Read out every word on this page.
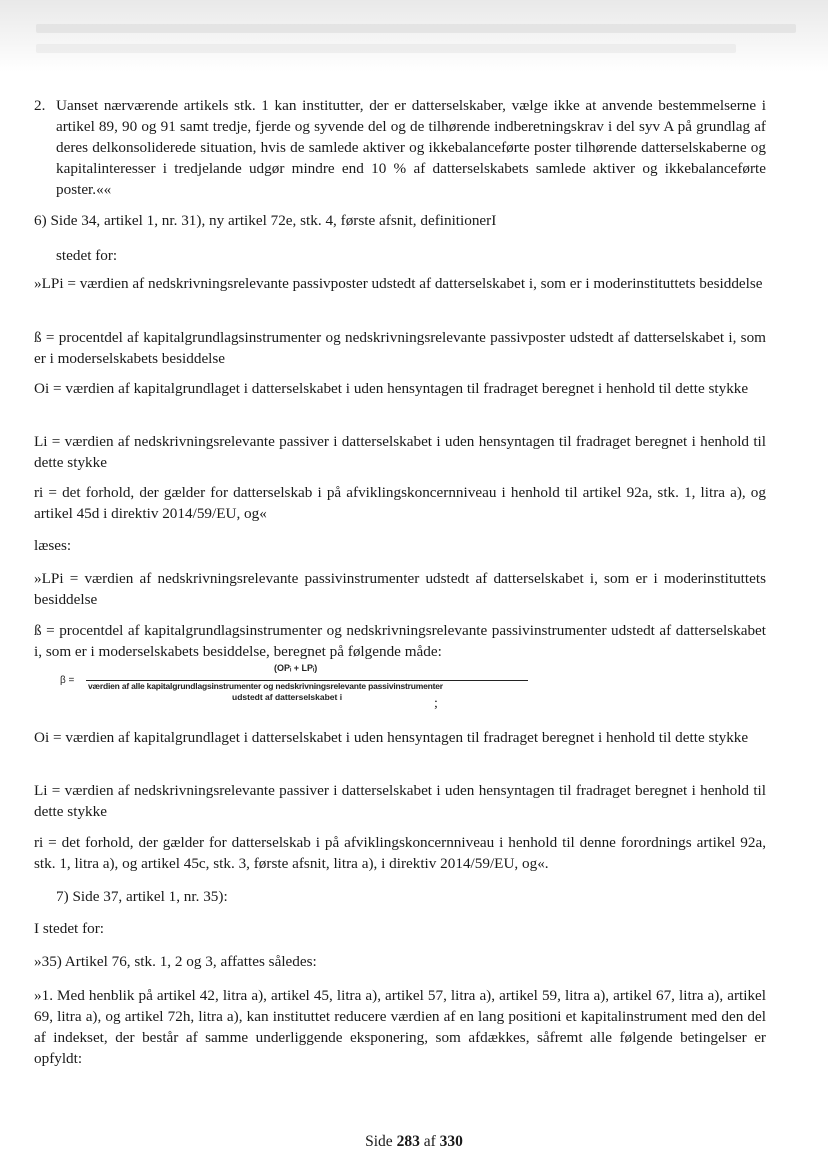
2. Uanset nærværende artikels stk. 1 kan institutter, der er datterselskaber, vælge ikke at anvende bestemmelserne i artikel 89, 90 og 91 samt tredje, fjerde og syvende del og de tilhørende indberetningskrav i del syv A på grundlag af deres delkonsoliderede situation, hvis de samlede aktiver og ikkebalanceførte poster tilhørende datterselskaberne og kapitalinteresser i tredjelande udgør mindre end 10 % af datterselskabets samlede aktiver og ikkebalanceførte poster.««

6) Side 34, artikel 1, nr. 31), ny artikel 72e, stk. 4, første afsnit, definitionerI

stedet for:

»LPi = værdien af nedskrivningsrelevante passivposter udstedt af datterselskabet i, som er i moderinstituttets besiddelse

ß = procentdel af kapitalgrundlagsinstrumenter og nedskrivningsrelevante passivposter udstedt af datterselskabet i, som er i moderselskabets besiddelse

Oi = værdien af kapitalgrundlaget i datterselskabet i uden hensyntagen til fradraget beregnet i henhold til dette stykke

Li = værdien af nedskrivningsrelevante passiver i datterselskabet i uden hensyntagen til fradraget beregnet i henhold til dette stykke

ri = det forhold, der gælder for datterselskab i på afviklingskoncernniveau i henhold til artikel 92a, stk. 1, litra a), og artikel 45d i direktiv 2014/59/EU, og«

læses:

»LPi = værdien af nedskrivningsrelevante passivinstrumenter udstedt af datterselskabet i, som er i moderinstituttets besiddelse

ß = procentdel af kapitalgrundlagsinstrumenter og nedskrivningsrelevante passivinstrumenter udstedt af datterselskabet i, som er i moderselskabets besiddelse, beregnet på følgende måde:

β =
(OPᵢ + LPᵢ)
værdien af alle kapitalgrundlagsinstrumenter og nedskrivningsrelevante passivinstrumenter
udstedt af datterselskabet i	;

Oi = værdien af kapitalgrundlaget i datterselskabet i uden hensyntagen til fradraget beregnet i henhold til dette stykke

Li = værdien af nedskrivningsrelevante passiver i datterselskabet i uden hensyntagen til fradraget beregnet i henhold til dette stykke

ri = det forhold, der gælder for datterselskab i på afviklingskoncernniveau i henhold til denne forordnings artikel 92a, stk. 1, litra a), og artikel 45c, stk. 3, første afsnit, litra a), i direktiv 2014/59/EU, og«.

7) Side 37, artikel 1, nr. 35):

I stedet for:

»35) Artikel 76, stk. 1, 2 og 3, affattes således:

»1. Med henblik på artikel 42, litra a), artikel 45, litra a), artikel 57, litra a), artikel 59, litra a), artikel 67, litra a), artikel 69, litra a), og artikel 72h, litra a), kan instituttet reducere værdien af en lang positioni et kapitalinstrument med den del af indekset, der består af samme underliggende eksponering, som afdækkes, såfremt alle følgende betingelser er opfyldt:

Side 283 af 330
